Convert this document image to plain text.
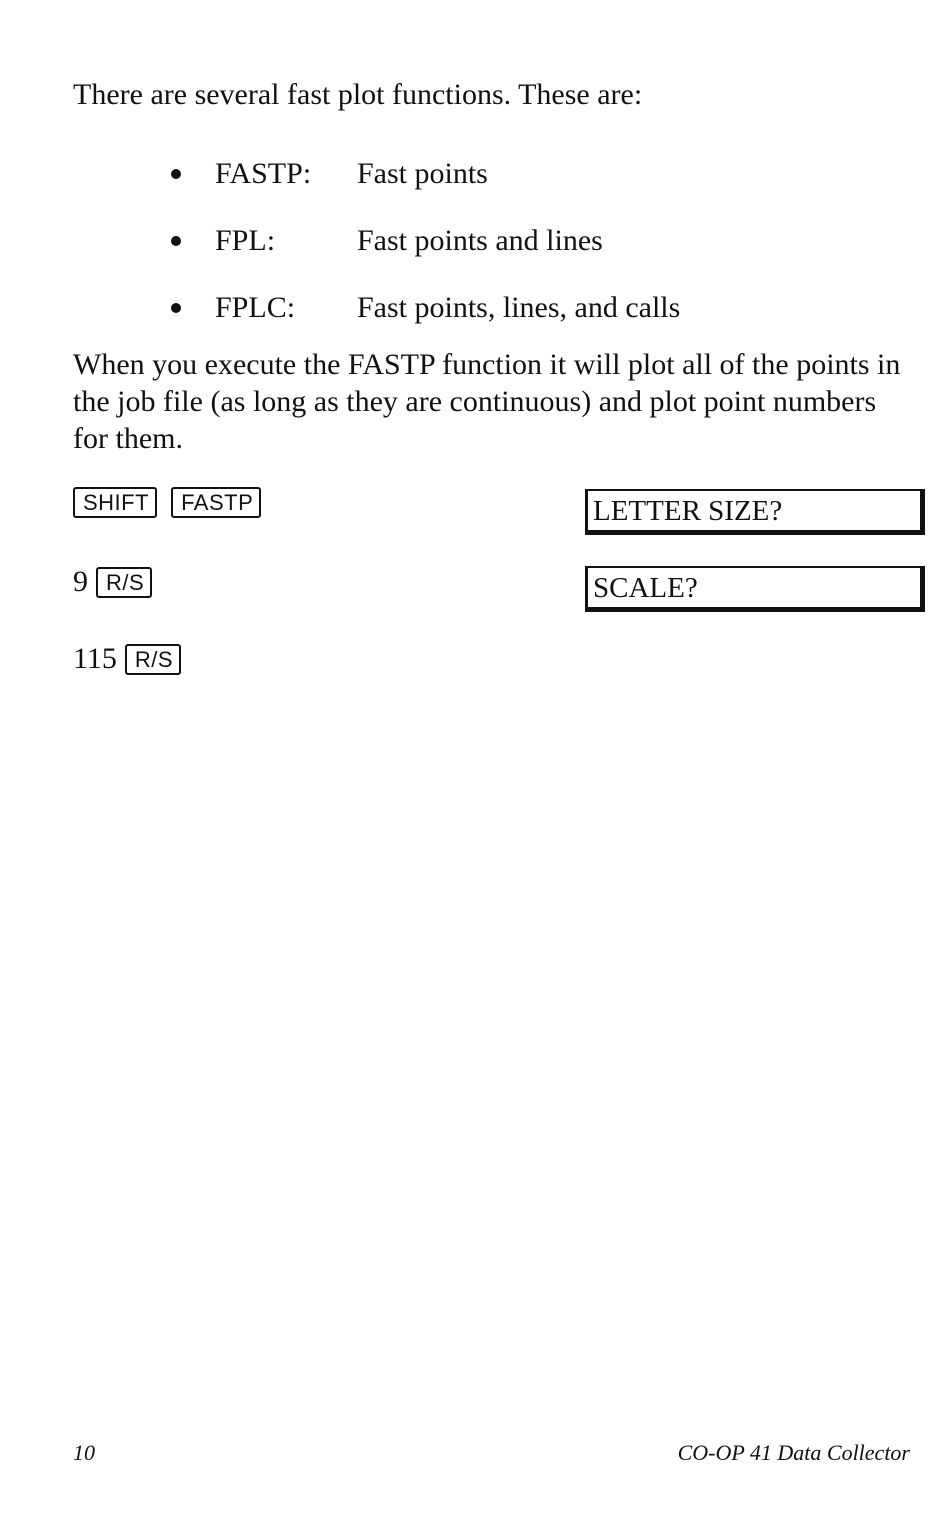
There are several fast plot functions. These are:

FASTP:	Fast points
FPL:	Fast points and lines
FPLC:	Fast points, lines, and calls

When you execute the FASTP function it will plot all of the points in the job file (as long as they are continuous) and plot point numbers for them.

SHIFT	FASTP	LETTER SIZE?
9 R/S	SCALE?
115 R/S
10	CO-OP 41 Data Collector
